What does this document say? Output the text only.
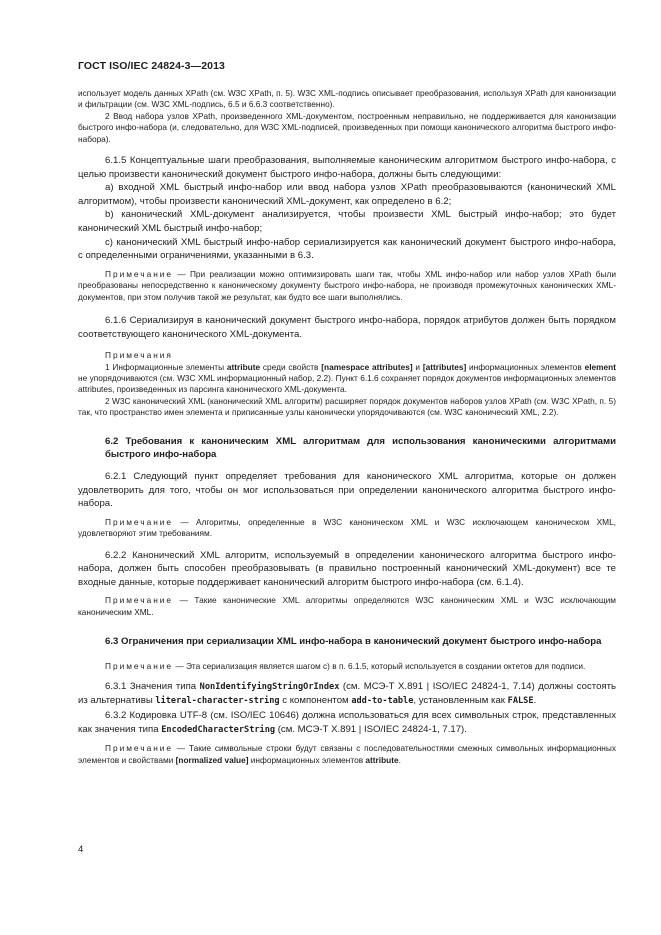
ГОСТ ISO/IEC 24824-3—2013

использует модель данных XPath (см. W3C XPath, п. 5). W3C XML-подпись описывает преобразования, используя XPath для канонизации и фильтрации (см. W3C XML-подпись, 6.5 и 6.6.3 соответственно).

2 Ввод набора узлов XPath, произведенного XML-документом, построенным неправильно, не поддерживается для канонизации быстрого инфо-набора (и, следовательно, для W3C XML-подписей, произведенных при помощи канонического алгоритма быстрого инфо-набора).

6.1.5 Концептуальные шаги преобразования, выполняемые каноническим алгоритмом быстрого инфо-набора, с целью произвести канонический документ быстрого инфо-набора, должны быть следующими:

a) входной XML быстрый инфо-набор или ввод набора узлов XPath преобразовываются (канонический XML алгоритмом), чтобы произвести канонический XML-документ, как определено в 6.2;

b) канонический XML-документ анализируется, чтобы произвести XML быстрый инфо-набор; это будет канонический XML быстрый инфо-набор;

c) канонический XML быстрый инфо-набор сериализируется как канонический документ быстрого инфо-набора, с определенными ограничениями, указанными в 6.3.

Примечание — При реализации можно оптимизировать шаги так, чтобы XML инфо-набор или набор узлов XPath были преобразованы непосредственно к каноническому документу быстрого инфо-набора, не производя промежуточных канонических XML-документов, при этом получив такой же результат, как будто все шаги выполнялись.

6.1.6 Сериализируя в канонический документ быстрого инфо-набора, порядок атрибутов должен быть порядком соответствующего канонического XML-документа.

Примечания

1 Информационные элементы attribute среди свойств [namespace attributes] и [attributes] информационных элементов element не упорядочиваются (см. W3C XML информационный набор, 2.2). Пункт 6.1.6 сохраняет порядок документов информационных элементов attributes, произведенных из парсинга канонического XML-документа.

2 W3C канонический XML (канонический XML алгоритм) расширяет порядок документов наборов узлов XPath (см. W3C XPath, п. 5) так, что пространство имен элемента и приписанные узлы канонически упорядочиваются (см. W3C канонический XML, 2.2).

6.2 Требования к каноническим XML алгоритмам для использования каноническими алгоритмами быстрого инфо-набора

6.2.1 Следующий пункт определяет требования для канонического XML алгоритма, которые он должен удовлетворить для того, чтобы он мог использоваться при определении канонического алгоритма быстрого инфо-набора.

Примечание — Алгоритмы, определенные в W3C каноническом XML и W3C исключающем каноническом XML, удовлетворяют этим требованиям.

6.2.2 Канонический XML алгоритм, используемый в определении канонического алгоритма быстрого инфо-набора, должен быть способен преобразовывать (в правильно построенный канонический XML-документ) все те входные данные, которые поддерживает канонический алгоритм быстрого инфо-набора (см. 6.1.4).

Примечание — Такие канонические XML алгоритмы определяются W3C каноническим XML и W3C исключающим каноническим XML.

6.3 Ограничения при сериализации XML инфо-набора в канонический документ быстрого инфо-набора

Примечание — Эта сериализация является шагом с) в п. 6.1.5, который используется в создании октетов для подписи.

6.3.1 Значения типа NonIdentifyingStringOrIndex (см. МСЭ-Т X.891 | ISO/IEC 24824-1, 7.14) должны состоять из альтернативы literal-character-string с компонентом add-to-table, установленным как FALSE.

6.3.2 Кодировка UTF-8 (см. ISO/IEC 10646) должна использоваться для всех символьных строк, представленных как значения типа EncodedCharacterString (см. МСЭ-Т X.891 | ISO/IEC 24824-1, 7.17).

Примечание — Такие символьные строки будут связаны с последовательностями смежных символьных информационных элементов и свойствами [normalized value] информационных элементов attribute.

4
